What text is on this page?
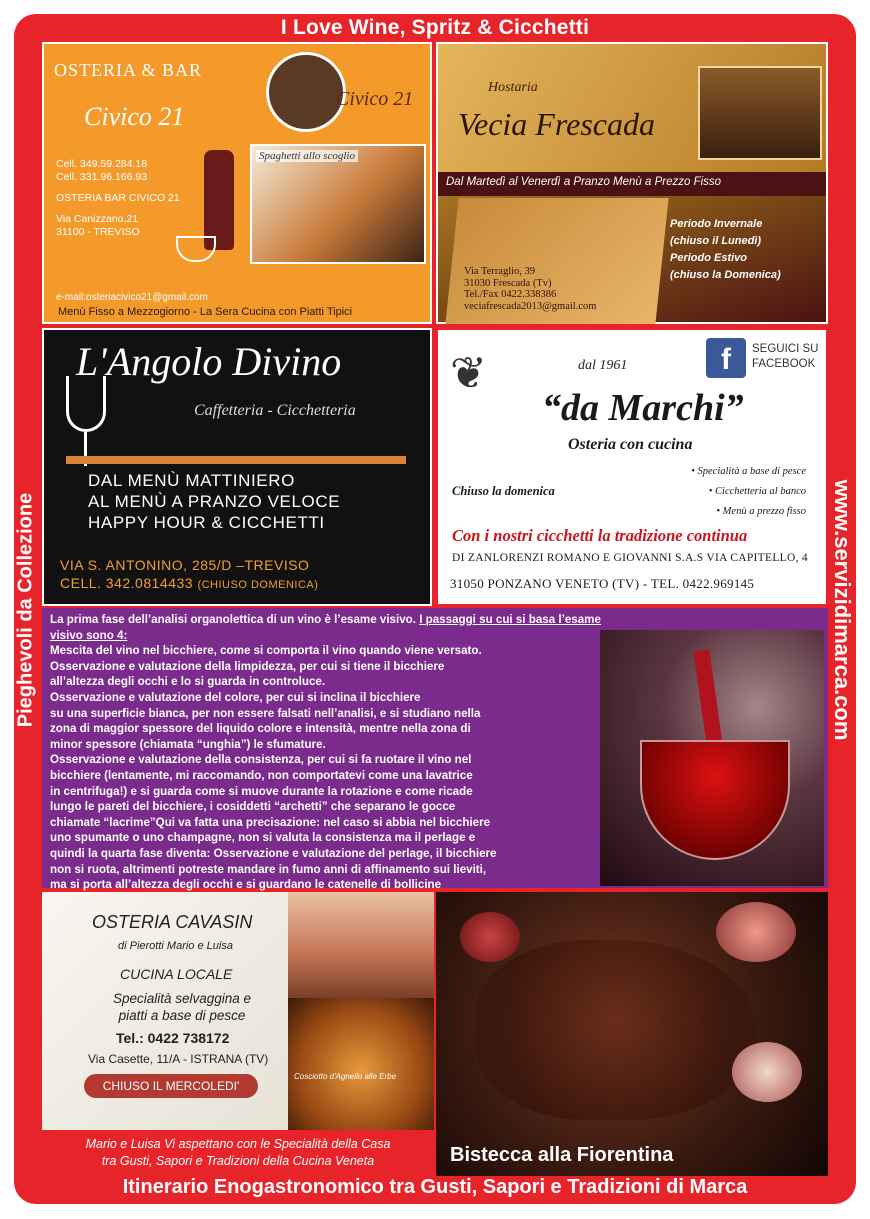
I Love Wine, Spritz & Cicchetti
Itinerario Enogastronomico tra Gusti, Sapori e Tradizioni di Marca
Pieghevoli da Collezione	www.servizidimarca.com
OSTERIA & BAR
Civico 21
Civico 21
Cell. 349.59.284.18
Cell. 331.96.166.93
OSTERIA BAR CIVICO 21
Via Canizzano,21
31100 - TREVISO
Spaghetti allo scoglio
e-mail:osteriacivico21@gmail.com
Menù Fisso a Mezzogiorno - La Sera Cucina con Piatti Tipici
Hostaria
Vecia Frescada
Dal Martedì al Venerdì a Pranzo Menù a Prezzo Fisso
Via Terraglio, 39
31030 Frescada (Tv)
Tel./Fax 0422.338386
veciafrescada2013@gmail.com
Periodo Invernale
(chiuso il Lunedì)
Periodo Estivo
(chiuso la Domenica)
L'Angolo Divino
Caffetteria - Cicchetteria
DAL MENÙ MATTINIERO
AL MENÙ A PRANZO VELOCE
HAPPY HOUR & CICCHETTI
VIA S. ANTONINO, 285/D –TREVISO
CELL. 342.0814433 (CHIUSO DOMENICA)
❦	f	SEGUICI SU
FACEBOOK
dal 1961
“da Marchi”
Osteria con cucina
• Specialità a base di pesce
• Cicchetteria al banco
• Menù a prezzo fisso
Chiuso la domenica
Con i nostri cicchetti la tradizione continua
DI ZANLORENZI ROMANO E GIOVANNI S.A.S VIA CAPITELLO, 4
31050 PONZANO VENETO (TV) - TEL. 0422.969145
La prima fase dell’analisi organolettica di un vino è l’esame visivo. I passaggi su cui si basa l’esame visivo sono 4:
Mescita del vino nel bicchiere, come si comporta il vino quando viene versato.
Osservazione e valutazione della limpidezza, per cui si tiene il bicchiere
all’altezza degli occhi e lo si guarda in controluce.
Osservazione e valutazione del colore, per cui si inclina il bicchiere
su una superficie bianca, per non essere falsati nell’analisi, e si studiano nella
zona di maggior spessore del liquido colore e intensità, mentre nella zona di
minor spessore (chiamata “unghia”) le sfumature.
Osservazione e valutazione della consistenza, per cui si fa ruotare il vino nel
bicchiere (lentamente, mi raccomando, non comportatevi come una lavatrice
in centrifuga!) e si guarda come si muove durante la rotazione e come ricade
lungo le pareti del bicchiere, i cosiddetti “archetti” che separano le gocce
chiamate “lacrime”Qui va fatta una precisazione: nel caso si abbia nel bicchiere
uno spumante o uno champagne, non si valuta la consistenza ma il perlage e
quindi la quarta fase diventa: Osservazione e valutazione del perlage, il bicchiere
non si ruota, altrimenti potreste mandare in fumo anni di affinamento sui lieviti,
ma si porta all’altezza degli occhi e si guardano le catenelle di bollicine
OSTERIA CAVASIN
di Pierotti Mario e Luisa
CUCINA LOCALE
Specialità selvaggina e
piatti a base di pesce
Tel.: 0422 738172
Via Casette, 11/A - ISTRANA (TV)
CHIUSO IL MERCOLEDI'
Cosciotto d'Agnello alle Erbe
Mario e Luisa Vi aspettano con le Specialità della Casa
tra Gusti, Sapori e Tradizioni della Cucina Veneta	Bistecca alla Fiorentina
